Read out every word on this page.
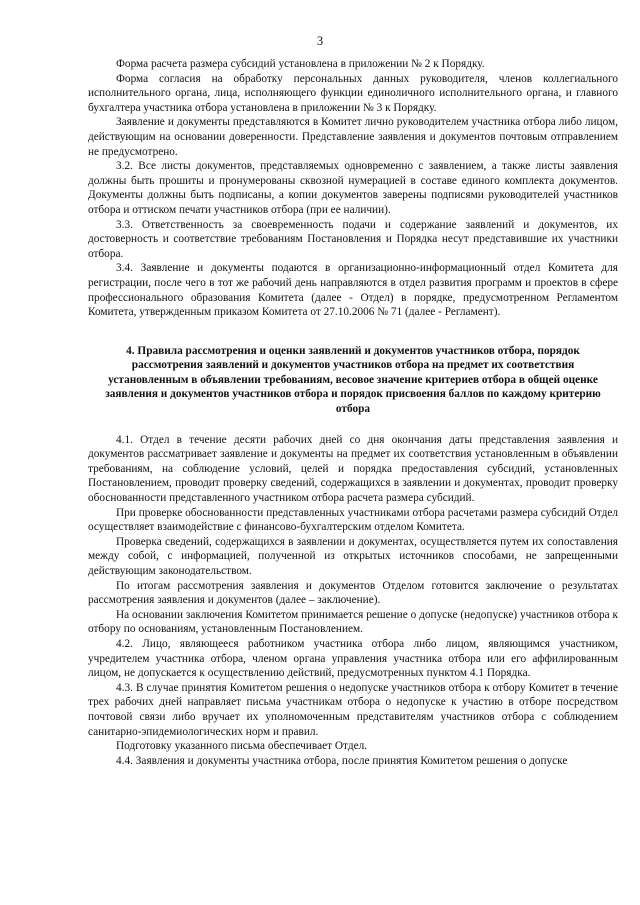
3

Форма расчета размера субсидий установлена в приложении № 2 к Порядку.

Форма согласия на обработку персональных данных руководителя, членов коллегиального исполнительного органа, лица, исполняющего функции единоличного исполнительного органа, и главного бухгалтера участника отбора установлена в приложении № 3 к Порядку.

Заявление и документы представляются в Комитет лично руководителем участника отбора либо лицом, действующим на основании доверенности. Представление заявления и документов почтовым отправлением не предусмотрено.

3.2. Все листы документов, представляемых одновременно с заявлением, а также листы заявления должны быть прошиты и пронумерованы сквозной нумерацией в составе единого комплекта документов. Документы должны быть подписаны, а копии документов заверены подписями руководителей участников отбора и оттиском печати участников отбора (при ее наличии).

3.3. Ответственность за своевременность подачи и содержание заявлений и документов, их достоверность и соответствие требованиям Постановления и Порядка несут представившие их участники отбора.

3.4. Заявление и документы подаются в организационно-информационный отдел Комитета для регистрации, после чего в тот же рабочий день направляются в отдел развития программ и проектов в сфере профессионального образования Комитета (далее - Отдел) в порядке, предусмотренном Регламентом Комитета, утвержденным приказом Комитета от 27.10.2006 № 71 (далее - Регламент).

4. Правила рассмотрения и оценки заявлений и документов участников отбора, порядок рассмотрения заявлений и документов участников отбора на предмет их соответствия установленным в объявлении требованиям, весовое значение критериев отбора в общей оценке заявления и документов участников отбора и порядок присвоения баллов по каждому критерию отбора

4.1. Отдел в течение десяти рабочих дней со дня окончания даты представления заявления и документов рассматривает заявление и документы на предмет их соответствия установленным в объявлении требованиям, на соблюдение условий, целей и порядка предоставления субсидий, установленных Постановлением, проводит проверку сведений, содержащихся в заявлении и документах, проводит проверку обоснованности представленного участником отбора расчета размера субсидий.

При проверке обоснованности представленных участниками отбора расчетами размера субсидий Отдел осуществляет взаимодействие с финансово-бухгалтерским отделом Комитета.

Проверка сведений, содержащихся в заявлении и документах, осуществляется путем их сопоставления между собой, с информацией, полученной из открытых источников способами, не запрещенными действующим законодательством.

По итогам рассмотрения заявления и документов Отделом готовится заключение о результатах рассмотрения заявления и документов (далее – заключение).

На основании заключения Комитетом принимается решение о допуске (недопуске) участников отбора к отбору по основаниям, установленным Постановлением.

4.2. Лицо, являющееся работником участника отбора либо лицом, являющимся участником, учредителем участника отбора, членом органа управления участника отбора или его аффилированным лицом, не допускается к осуществлению действий, предусмотренных пунктом 4.1 Порядка.

4.3. В случае принятия Комитетом решения о недопуске участников отбора к отбору Комитет в течение трех рабочих дней направляет письма участникам отбора о недопуске к участию в отборе посредством почтовой связи либо вручает их уполномоченным представителям участников отбора с соблюдением санитарно-эпидемиологических норм и правил.

Подготовку указанного письма обеспечивает Отдел.

4.4. Заявления и документы участника отбора, после принятия Комитетом решения о допуске
